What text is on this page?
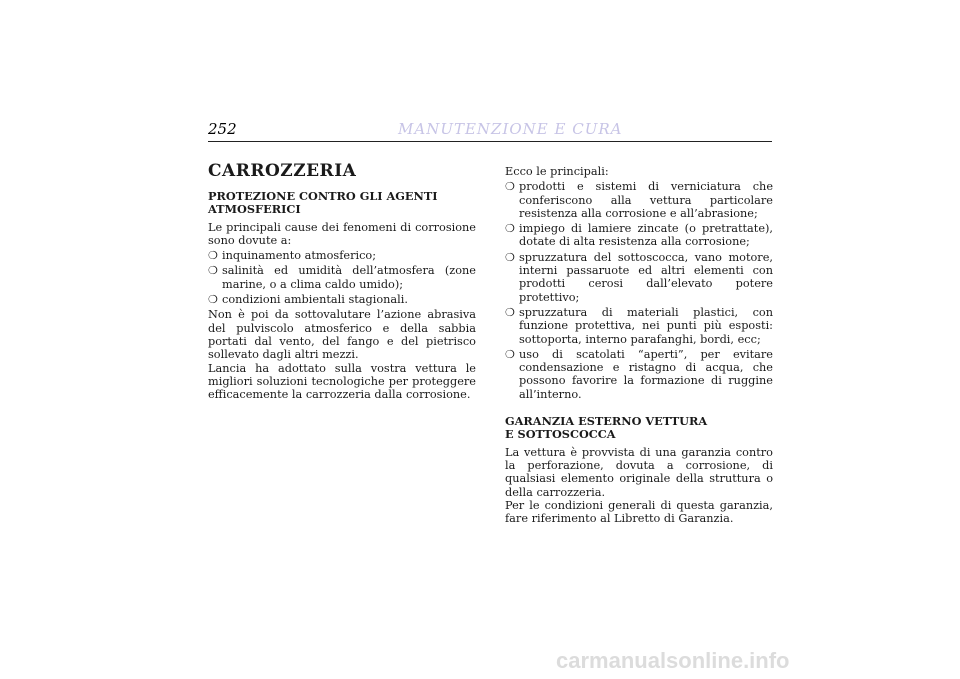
252	MANUTENZIONE E CURA
CARROZZERIA
PROTEZIONE CONTRO GLI AGENTI
ATMOSFERICI

Le principali cause dei fenomeni di corrosione sono dovute a:

❍ inquinamento atmosferico;
❍ salinità ed umidità dell’atmosfera (zone marine, o a clima caldo umido);
❍ condizioni ambientali stagionali.

Non è poi da sottovalutare l’azione abrasiva del pulviscolo atmosferico e della sabbia portati dal vento, del fango e del pietrisco sollevato dagli altri mezzi.

Lancia ha adottato sulla vostra vettura le migliori soluzioni tecnologiche per proteggere efficacemente la carrozzeria dalla corrosione.

Ecco le principali:

❍ prodotti e sistemi di verniciatura che conferiscono alla vettura particolare resistenza alla corrosione e all’abrasione;
❍ impiego di lamiere zincate (o pretrattate), dotate di alta resistenza alla corrosione;
❍ spruzzatura del sottoscocca, vano motore, interni passaruote ed altri elementi con prodotti cerosi dall’elevato potere protettivo;
❍ spruzzatura di materiali plastici, con funzione protettiva, nei punti più esposti: sottoporta, interno parafanghi, bordi, ecc;
❍ uso di scatolati “aperti”, per evitare condensazione e ristagno di acqua, che possono favorire la formazione di ruggine all’interno.
GARANZIA ESTERNO VETTURA
E SOTTOSCOCCA

La vettura è provvista di una garanzia contro la perforazione, dovuta a corrosione, di qualsiasi elemento originale della struttura o della carrozzeria.

Per le condizioni generali di questa garanzia, fare riferimento al Libretto di Garanzia.

carmanualsonline.info
